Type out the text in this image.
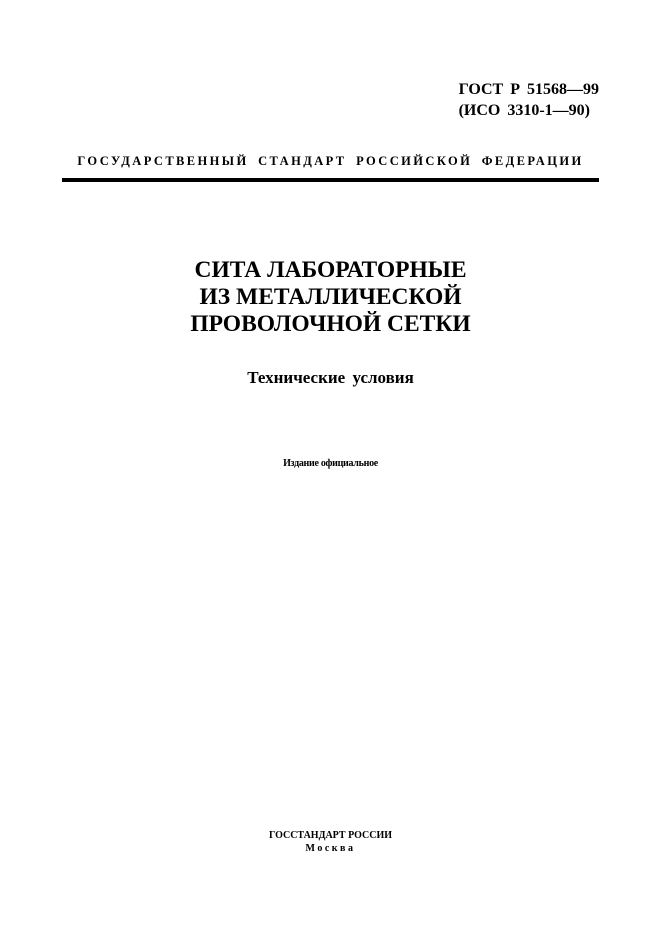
ГОСТ Р 51568—99
(ИСО 3310-1—90)
ГОСУДАРСТВЕННЫЙ СТАНДАРТ РОССИЙСКОЙ ФЕДЕРАЦИИ
СИТА ЛАБОРАТОРНЫЕ
ИЗ МЕТАЛЛИЧЕСКОЙ
ПРОВОЛОЧНОЙ СЕТКИ
Технические условия
Издание официальное
ГОССТАНДАРТ РОССИИ
Москва
